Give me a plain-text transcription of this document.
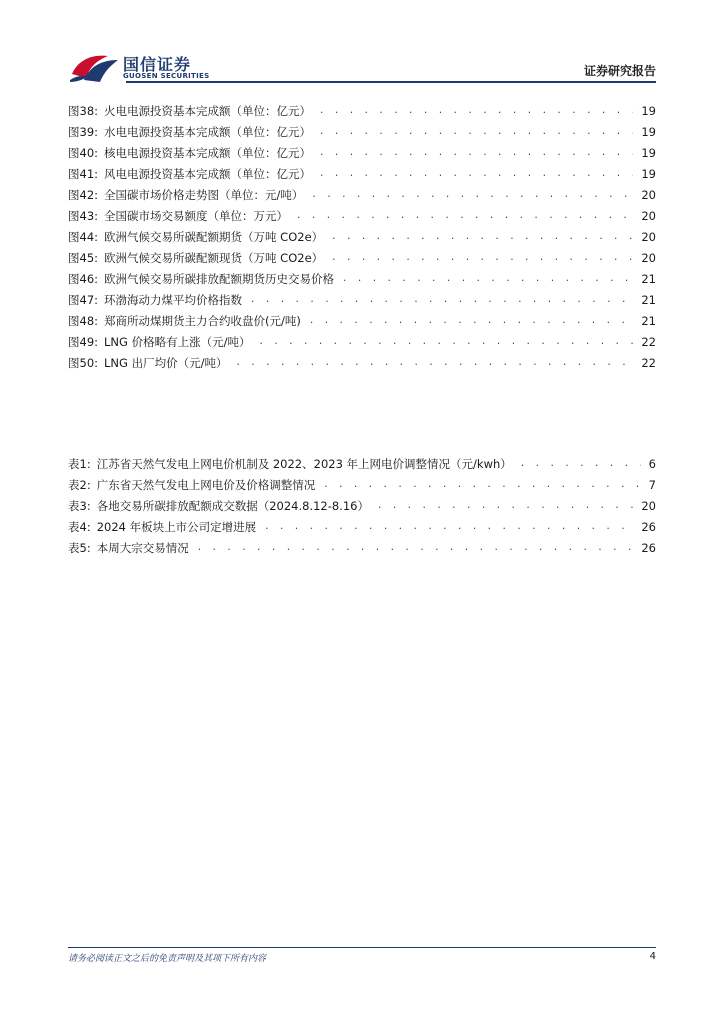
国信证券
GUOSEN SECURITIES	证券研究报告
图38: 火电电源投资基本完成额（单位：亿元） . . .	19
图39: 水电电源投资基本完成额（单位：亿元） . . .	19
图40: 核电电源投资基本完成额（单位：亿元） . . .	19
图41: 风电电源投资基本完成额（单位：亿元） . . .	19
图42: 全国碳市场价格走势图（单位：元/吨） . . .	20
图43: 全国碳市场交易额度（单位：万元） . . .	20
图44: 欧洲气候交易所碳配额期货（万吨 CO2e） . . .	20
图45: 欧洲气候交易所碳配额现货（万吨 CO2e） . . .	20
图46: 欧洲气候交易所碳排放配额期货历史交易价格 . . .	21
图47: 环渤海动力煤平均价格指数 . . .	21
图48: 郑商所动煤期货主力合约收盘价(元/吨) . . .	21
图49: LNG 价格略有上涨（元/吨） . . .	22
图50: LNG 出厂均价（元/吨） . . .	22
表1: 江苏省天然气发电上网电价机制及 2022、2023 年上网电价调整情况（元/kwh） . . .	6
表2: 广东省天然气发电上网电价及价格调整情况 . . .	7
表3: 各地交易所碳排放配额成交数据（2024.8.12-8.16） . . .	20
表4: 2024 年板块上市公司定增进展 . . .	26
表5: 本周大宗交易情况 . . .	26
请务必阅读正文之后的免责声明及其项下所有内容	4
